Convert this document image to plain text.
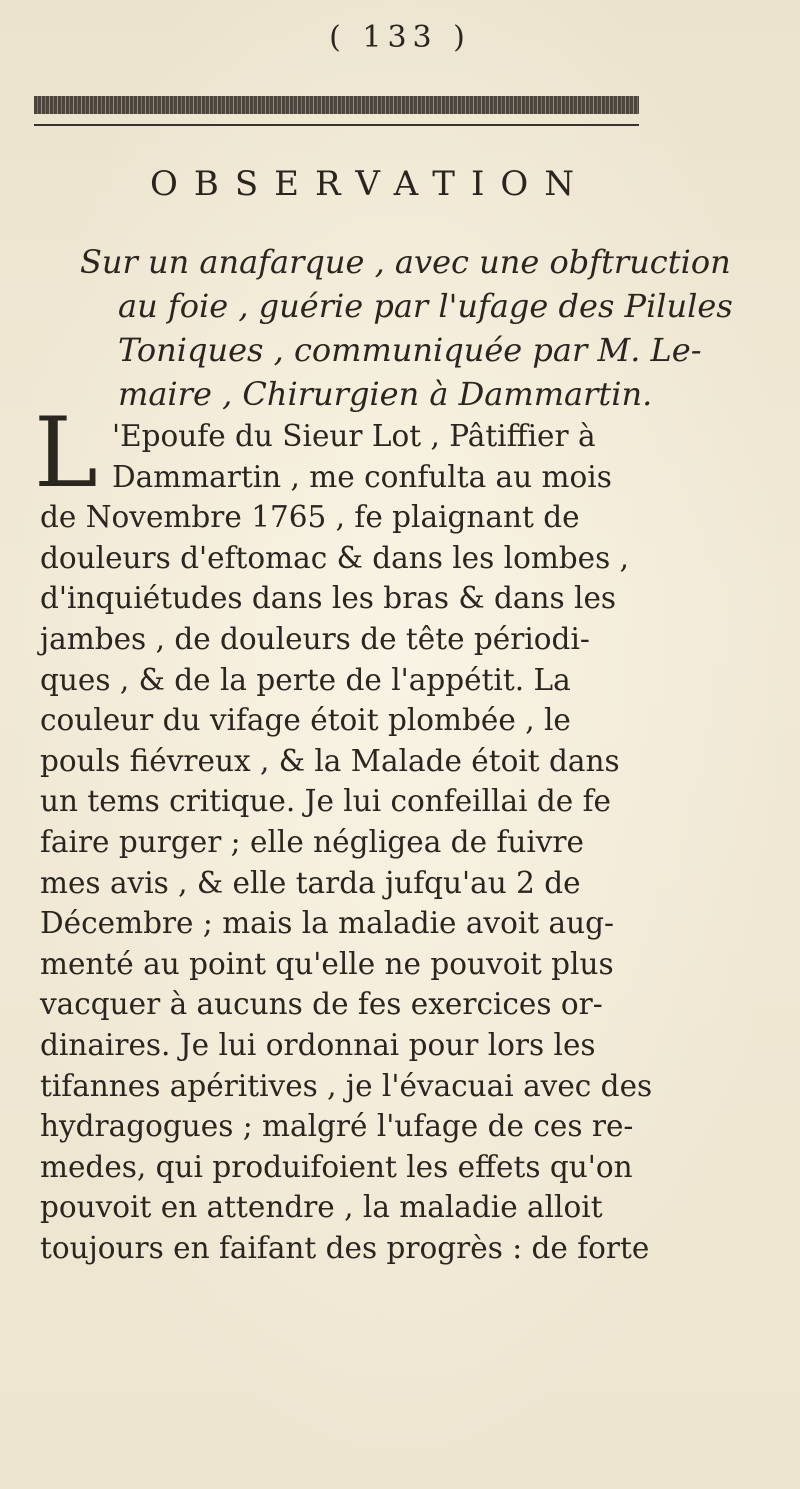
( 133 )
OBSERVATION

Sur un anafarque , avec une obftruction

au foie , guérie par l'ufage des Pilules

Toniques , communiquée par M. Le-

maire , Chirurgien à Dammartin.

L 'Epoufe du Sieur Lot , Pâtiffier à

Dammartin , me confulta au mois

de Novembre 1765 , fe plaignant de

douleurs d'eftomac & dans les lombes ,

d'inquiétudes dans les bras & dans les

jambes , de douleurs de tête périodi-

ques , & de la perte de l'appétit. La

couleur du vifage étoit plombée , le

pouls fiévreux , & la Malade étoit dans

un tems critique. Je lui confeillai de fe

faire purger ; elle négligea de fuivre

mes avis , & elle tarda jufqu'au 2 de

Décembre ; mais la maladie avoit aug-

menté au point qu'elle ne pouvoit plus

vacquer à aucuns de fes exercices or-

dinaires. Je lui ordonnai pour lors les

tifannes apéritives , je l'évacuai avec des

hydragogues ; malgré l'ufage de ces re-

medes, qui produifoient les effets qu'on

pouvoit en attendre , la maladie alloit

toujours en faifant des progrès : de forte
